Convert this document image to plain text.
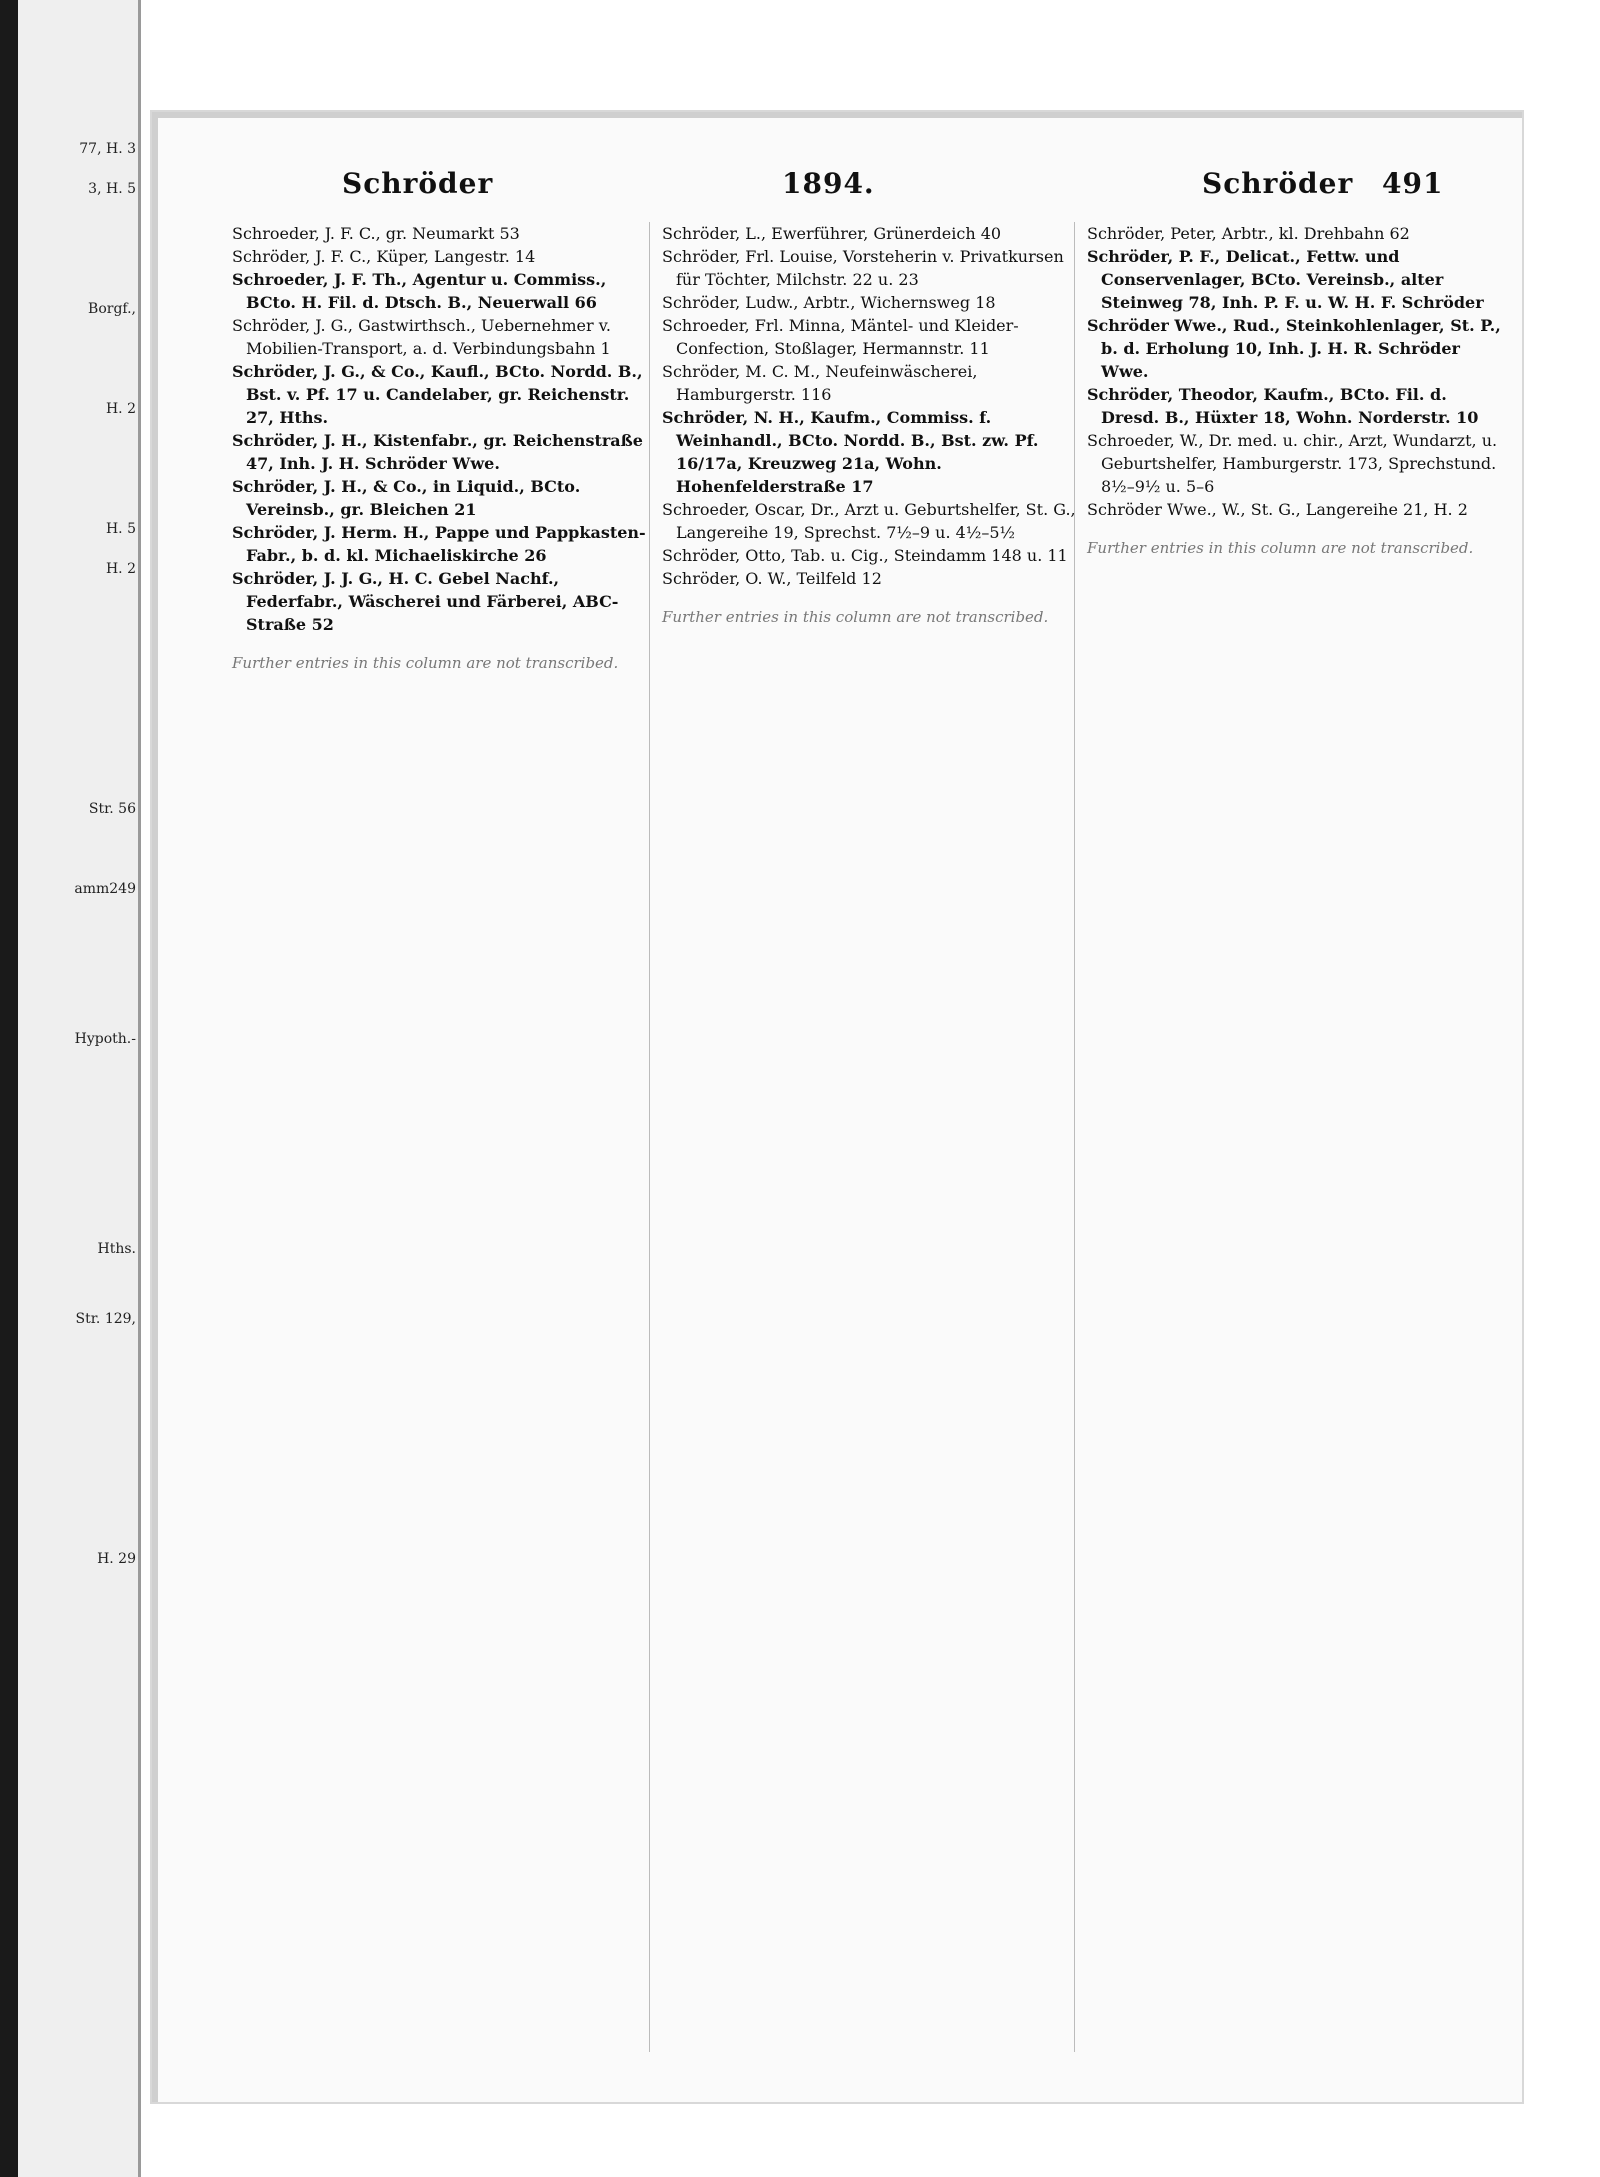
77, H. 3
3, H. 5
Borgf.,
H. 2
H. 5
H. 2
Str. 56
amm249
Hypoth.-
Hths.
Str. 129,
H. 29
Schröder	1894.	Schröder 491

Schroeder, J. F. C., gr. Neumarkt 53

Schröder, J. F. C., Küper, Langestr. 14

Schroeder, J. F. Th., Agentur u. Commiss., BCto. H. Fil. d. Dtsch. B., Neuerwall 66

Schröder, J. G., Gastwirthsch., Uebernehmer v. Mobilien-Transport, a. d. Verbindungsbahn 1

Schröder, J. G., & Co., Kaufl., BCto. Nordd. B., Bst. v. Pf. 17 u. Candelaber, gr. Reichenstr. 27, Hths.

Schröder, J. H., Kistenfabr., gr. Reichenstraße 47, Inh. J. H. Schröder Wwe.

Schröder, J. H., & Co., in Liquid., BCto. Vereinsb., gr. Bleichen 21

Schröder, J. Herm. H., Pappe und Pappkasten-Fabr., b. d. kl. Michaeliskirche 26

Schröder, J. J. G., H. C. Gebel Nachf., Federfabr., Wäscherei und Färberei, ABC-Straße 52

Further entries in this column are not transcribed.

Schröder, L., Ewerführer, Grünerdeich 40

Schröder, Frl. Louise, Vorsteherin v. Privatkursen für Töchter, Milchstr. 22 u. 23

Schröder, Ludw., Arbtr., Wichernsweg 18

Schroeder, Frl. Minna, Mäntel- und Kleider-Confection, Stoßlager, Hermannstr. 11

Schröder, M. C. M., Neufeinwäscherei, Hamburgerstr. 116

Schröder, N. H., Kaufm., Commiss. f. Weinhandl., BCto. Nordd. B., Bst. zw. Pf. 16/17a, Kreuzweg 21a, Wohn. Hohenfelderstraße 17

Schroeder, Oscar, Dr., Arzt u. Geburtshelfer, St. G., Langereihe 19, Sprechst. 7½–9 u. 4½–5½

Schröder, Otto, Tab. u. Cig., Steindamm 148 u. 11

Schröder, O. W., Teilfeld 12

Further entries in this column are not transcribed.

Schröder, Peter, Arbtr., kl. Drehbahn 62

Schröder, P. F., Delicat., Fettw. und Conservenlager, BCto. Vereinsb., alter Steinweg 78, Inh. P. F. u. W. H. F. Schröder

Schröder Wwe., Rud., Steinkohlenlager, St. P., b. d. Erholung 10, Inh. J. H. R. Schröder Wwe.

Schröder, Theodor, Kaufm., BCto. Fil. d. Dresd. B., Hüxter 18, Wohn. Norderstr. 10

Schroeder, W., Dr. med. u. chir., Arzt, Wundarzt, u. Geburtshelfer, Hamburgerstr. 173, Sprechstund. 8½–9½ u. 5–6

Schröder Wwe., W., St. G., Langereihe 21, H. 2

Further entries in this column are not transcribed.
